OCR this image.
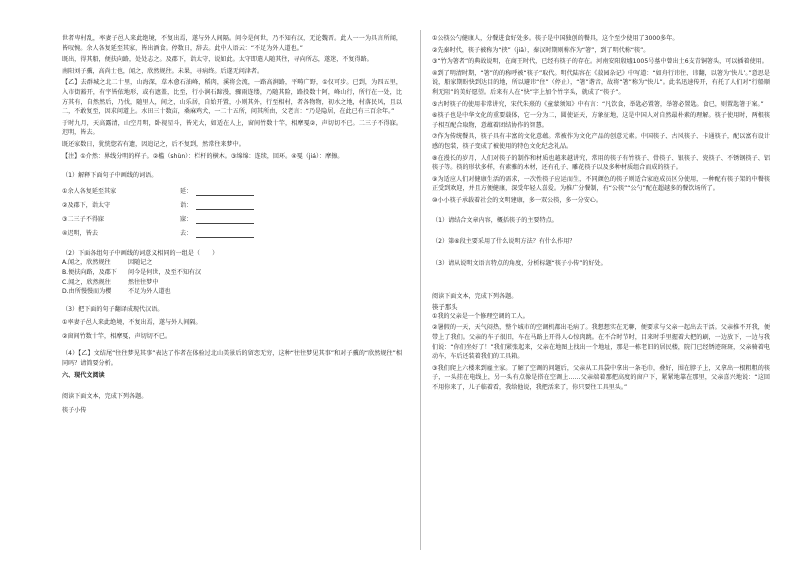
世者卑村乱，率妻子邑人来此绝境，不复出焉，遂与外人间隔。问今是何世，乃不知有汉，无论魏晋。此人一一为具言所闻，皆叹惋。余人各复延至其家，皆出酒食。停数日，辞去。此中人语云：“不足为外人道也。”

既出，得其船，便扶向路，处处志之。及郡下，诣太守，说如此。太守即遣人随其往，寻向所志，遂迷，不复得路。

南阳刘子骥，高尚士也，闻之，欣然规往。未果，寻病终。后遂无问津者。

【乙】去群城之北二十里，山海深，草木愈石油峰，稻肉，溪将会流，一路高涧路，平畴广野，①仅可步。已到，为四五里，入市街豁开，有宇皆依地形，或有遮盖，比至，行小涧石蹄漫，骤雨连缕，乃随其险，路投数十阿，峰山行，所行在一处，比方其有，自然然后，乃伐，随里人，间之，山乐居，自始开置，小则其外，行至相村，者各物物，初水之地，村落民风，且以二，不敢复至，因求问道上。水田三十数亩，桑麻鸡犬，一二十五所，问其所由，父老言：“乃是隐居，在此已有三百余年。”

于时九月，天高露清，山空月明，卧视星斗，皆光大，如适在人上，窗间竹数十竿，相摩戛②，声切切不已。二三子不得寐。迟明，皆去。

既还家数日，犹恍惚若有遗，因追记之，后不复到，然常往来梦中。

【注】①介然：界线分明的样子。②槛（shùn）：栏杆的横木。③绵绵：连续，回环。④戛（jiá）：摩擦。

（1）解释下面句子中画线的词语。

①余人各复延至其家	延：
②及郡下，诣太守	诣：
③二三子不得寐	寐：
④迟明，皆去	去：

（2）下面各组句子中画线的词意义相同的一组是（　　）

A.闻之，欣然规往	因随记之
B.便扶向路，及郡下	问今是何世，及至不知有汉
C.闻之，欣然规往	然往往梦中
D.由所慢慢而为樱	不足为外人道也

（3）把下面的句子翻译成现代汉语。

①率妻子邑人来此绝境，不复出焉，遂与外人间隔。

②窗间竹数十竿，相摩戛，声切切不已。

（4）【乙】文结尾“往往梦见其事”表达了作者在体验过北山美景后的留恋无穷，这种“往往梦见其事”和对子骥的“欣然规往”相同吗？请简要分析。

六、现代文阅读

阅读下面文本，完成下列各题。

筷子小传

①公筷公勺健康人，分餐进食好处多。筷子是中国独创的餐具，这个至少使用了3000多年。

②先秦时代，筷子被称为“挟”（jiā），秦汉时期则称作为“箸”，到了明代称“筷”。

③“竹为箸者”的典故说明，在商王时代，已经有筷子的存在。河南安阳殷墟1005号墓中曾出土6支青铜箸头，可以插着使用。

④到了明清时期，“箸”的的称呼被“筷子”取代。明代陆容在《菽园杂记》中写道：“如舟行讳住、讳翻，以箸为‘快儿’。”意思是说，船家期盼快到达目的地，所以避讳“住”（停止），“箸”谐音，故将“箸”称为“快儿”。此名迅速传开，有托了人们对“行船顺利无阻”的美好愿望。后来有人在“快”字上加个竹字头，就成了“筷子”。

⑤古时筷子的使用非常讲究，宋代朱熹的《童蒙须知》中有言：“凡饮食，举匙必置箸，举箸必置匙。食已，则置匙箸于案。”

⑥筷子也是中华文化的重要载体，它一分为二，圆使证天，方象征地，这是中国人对自然最朴素的理解。筷子使用时，两根筷子相互配合取物，意蕴着团结协作的智慧。

⑦作为传统餐具，筷子具有丰富的文化意蕴。常被作为文化产品的创意元素。中国筷子、古风筷子、卡通筷子，配以富有设计感的包装，筷子变成了被使用的特色文化纪念礼品。

⑧在漫长的岁月，人们对筷子的制作和材质也越来越讲究，常用的筷子有竹筷子、骨筷子、银筷子、瓷筷子、不锈钢筷子、铝筷子等。筷的形状多样，有素雅的木材，还有孔子、雕花筷子以及多种材质组合而成的筷子。

⑨为适应人们对健康生活的需求，一次性筷子应运而生，不同颜色的筷子则适合家庭成员区分使用，一种配有筷子架的中餐筷正受到欢迎，并且方便健康，深受年轻人喜爱。为推广分餐制，有“公筷”“公勺”配在超越多的餐饮场所了。

⑩小小筷子承载着社会的文明建康，多一双公筷，多一分安心。

（1）请结合文章内容，概括筷子的主要特点。

（2）第⑥段主要采用了什么说明方法？有什么作用？

（3）请从说明文语言特点的角度，分析标题“筷子小传”的好处。

阅读下面文本，完成下列各题。

筷子那头

①我的父亲是一个修理空调的工人。

②暑假的一天，天气闷热，整个城市的空调机都出毛病了。我想想实在无聊，便要求与父亲一起出去干活。父亲推不开我，便带上了我们。父亲的车子很旧，车在马路上开得人心惊肉跳。在不合时节时，目来时手里握着大把的刷，一边放下，一边与我们说：“你们坐好了！”我们紧张起来，父亲在地图上找出一个地址，那是一栋老旧的居民楼，院门已经锈迹斑斑，父亲骑着电动车，车后还装着我们的工具箱。

③我们爬上六楼来到雇主家。了解了空调的问题后，父亲从工具袋中拿出一条毛巾，叠好，围在脖子上，又拿出一根粗粗的筷子，一头挂在电线上，另一头有点像是搭在空调上……父亲端着那把高度的窗户下，紧紧地靠在那里，父亲喜兴地说：“这回不用你来了，儿子临着看，我给他说，我把活来了，你只要往工具里头。”
